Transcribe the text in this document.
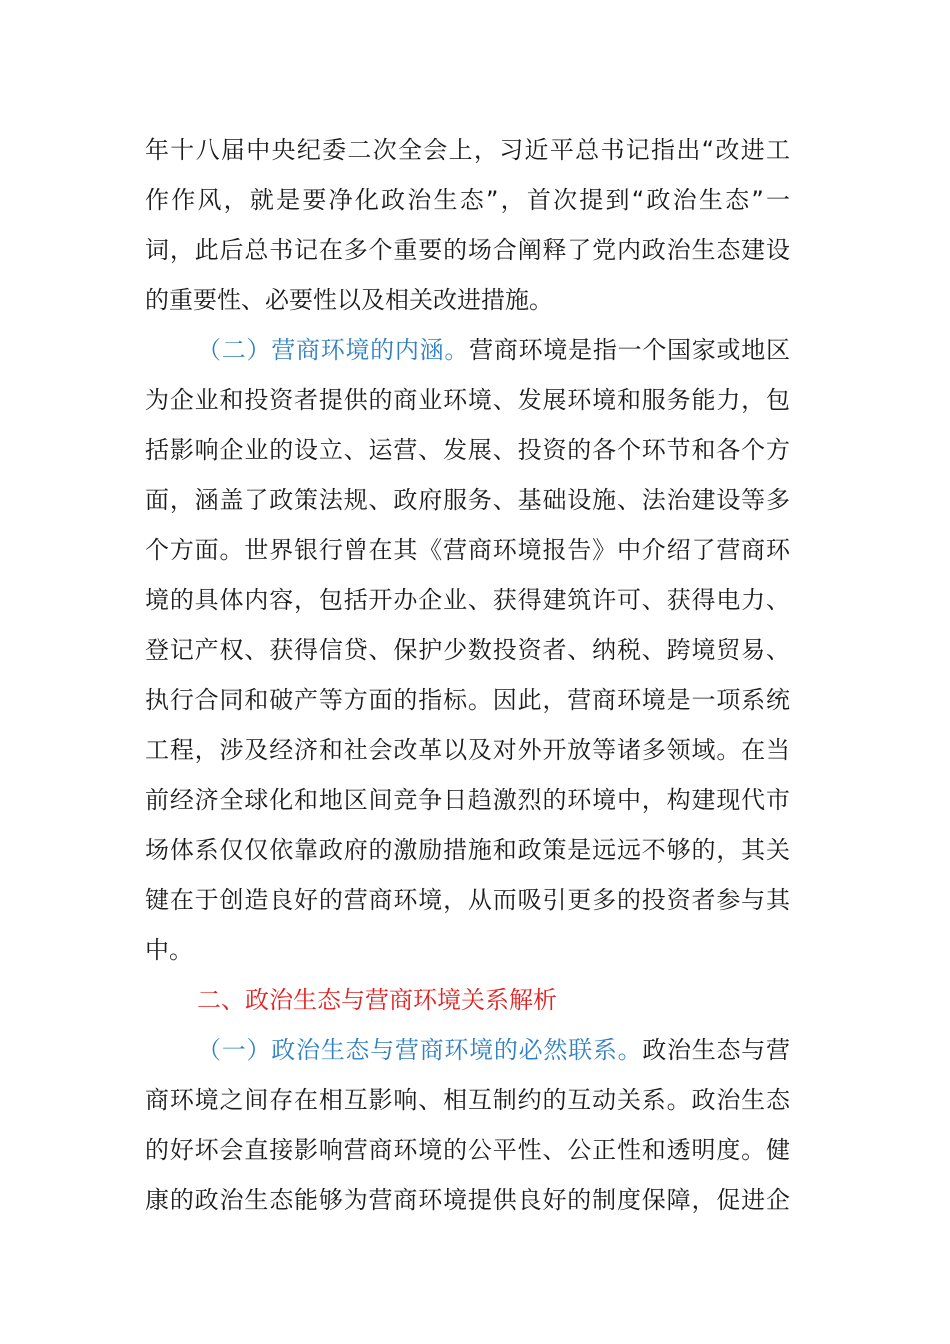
年十八届中央纪委二次全会上，习近平总书记指出“改进工
作作风，就是要净化政治生态”，首次提到“政治生态”一
词，此后总书记在多个重要的场合阐释了党内政治生态建设
的重要性、必要性以及相关改进措施。
（二）营商环境的内涵。营商环境是指一个国家或地区
为企业和投资者提供的商业环境、发展环境和服务能力，包
括影响企业的设立、运营、发展、投资的各个环节和各个方
面，涵盖了政策法规、政府服务、基础设施、法治建设等多
个方面。世界银行曾在其《营商环境报告》中介绍了营商环
境的具体内容，包括开办企业、获得建筑许可、获得电力、
登记产权、获得信贷、保护少数投资者、纳税、跨境贸易、
执行合同和破产等方面的指标。因此，营商环境是一项系统
工程，涉及经济和社会改革以及对外开放等诸多领域。在当
前经济全球化和地区间竞争日趋激烈的环境中，构建现代市
场体系仅仅依靠政府的激励措施和政策是远远不够的，其关
键在于创造良好的营商环境，从而吸引更多的投资者参与其
中。
二、政治生态与营商环境关系解析
（一）政治生态与营商环境的必然联系。政治生态与营
商环境之间存在相互影响、相互制约的互动关系。政治生态
的好坏会直接影响营商环境的公平性、公正性和透明度。健
康的政治生态能够为营商环境提供良好的制度保障，促进企
